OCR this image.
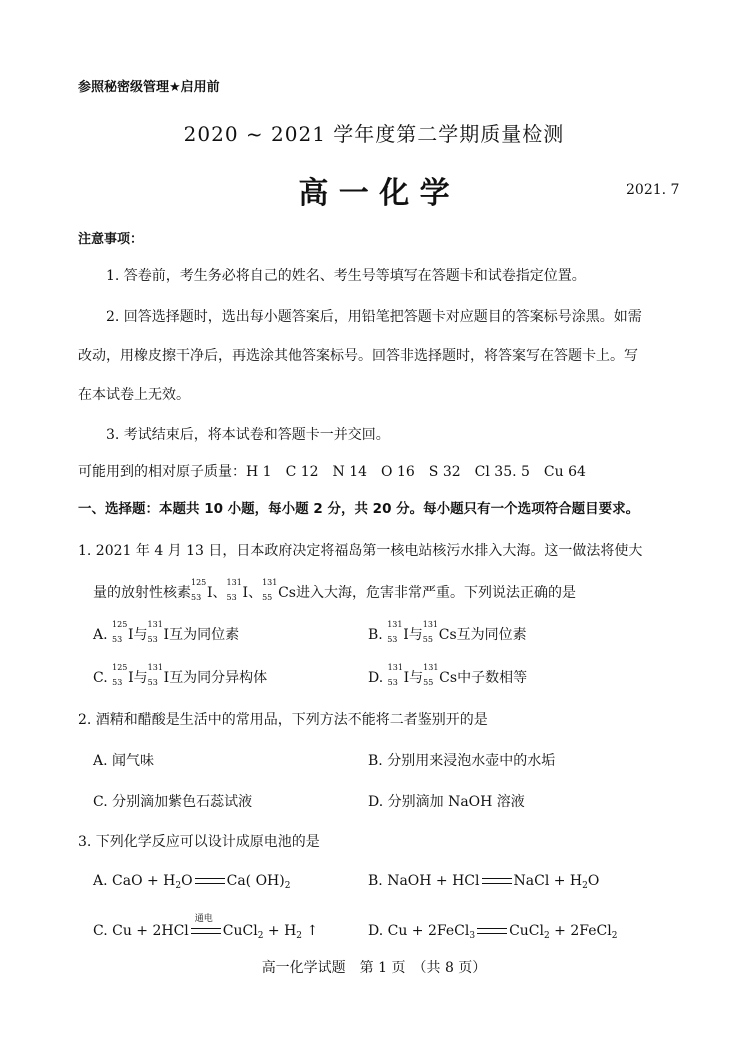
参照秘密级管理★启用前
2020 ~ 2021 学年度第二学期质量检测
高 一 化 学	2021. 7
注意事项：
1. 答卷前，考生务必将自己的姓名、考生号等填写在答题卡和试卷指定位置。
2. 回答选择题时，选出每小题答案后，用铅笔把答题卡对应题目的答案标号涂黑。如需
改动，用橡皮擦干净后，再选涂其他答案标号。回答非选择题时，将答案写在答题卡上。写
在本试卷上无效。
3. 考试结束后，将本试卷和答题卡一并交回。
可能用到的相对原子质量：H 1　C 12　N 14　O 16　S 32　Cl 35. 5　Cu 64
一、选择题：本题共 10 小题，每小题 2 分，共 20 分。每小题只有一个选项符合题目要求。
1. 2021 年 4 月 13 日，日本政府决定将福岛第一核电站核污水排入大海。这一做法将使大
量的放射性核素
125
53 I、
131
53 I、
131
55 Cs进入大海，危害非常严重。下列说法正确的是
A.
125
53 I与
131
53 I互为同位素	B.
131
53 I与
131
55 Cs互为同位素
C.
125
53 I与
131
53 I互为同分异构体	D.
131
53 I与
131
55 Cs中子数相等
2. 酒精和醋酸是生活中的常用品，下列方法不能将二者鉴别开的是
A. 闻气味	B. 分别用来浸泡水壶中的水垢
C. 分别滴加紫色石蕊试液	D. 分别滴加 NaOH 溶液
3. 下列化学反应可以设计成原电池的是
A. CaO + $H_2O$ Ca( $OH)_2$	B. NaOH + HCl NaCl + $H_2O$
C. Cu + 2HCl
通电
CuCl$_2$ + $H_2$ ↑	D. Cu + 2FeCl$_3$ CuCl$_2$ + 2FeCl$_2$
高一化学试题　第 1 页　（共 8 页）
